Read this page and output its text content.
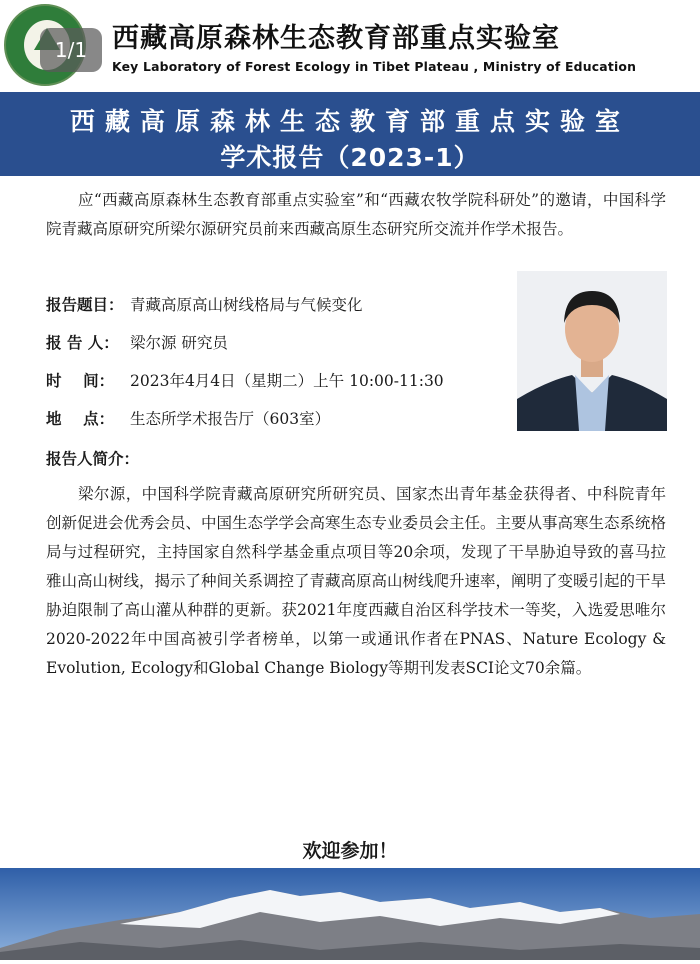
1/1 西藏高原森林生态教育部重点实验室
Key Laboratory of Forest Ecology in Tibet Plateau , Ministry of Education
西藏高原森林生态教育部重点实验室
学术报告（2023-1）

应“西藏高原森林生态教育部重点实验室”和“西藏农牧学院科研处”的邀请，中国科学院青藏高原研究所梁尔源研究员前来西藏高原生态研究所交流并作学术报告。

报告题目： 青藏高原高山树线格局与气候变化
报 告 人： 梁尔源 研究员
时    间： 2023年4月4日（星期二）上午 10:00-11:30
地    点： 生态所学术报告厅（603室）
报告人简介：

梁尔源，中国科学院青藏高原研究所研究员、国家杰出青年基金获得者、中科院青年创新促进会优秀会员、中国生态学学会高寒生态专业委员会主任。主要从事高寒生态系统格局与过程研究，主持国家自然科学基金重点项目等20余项，发现了干旱胁迫导致的喜马拉雅山高山树线，揭示了种间关系调控了青藏高原高山树线爬升速率，阐明了变暖引起的干旱胁迫限制了高山灌从种群的更新。获2021年度西藏自治区科学技术一等奖，入选爱思唯尔2020-2022年中国高被引学者榜单，以第一或通讯作者在PNAS、Nature Ecology & Evolution, Ecology和Global Change Biology等期刊发表SCI论文70余篇。

欢迎参加！
